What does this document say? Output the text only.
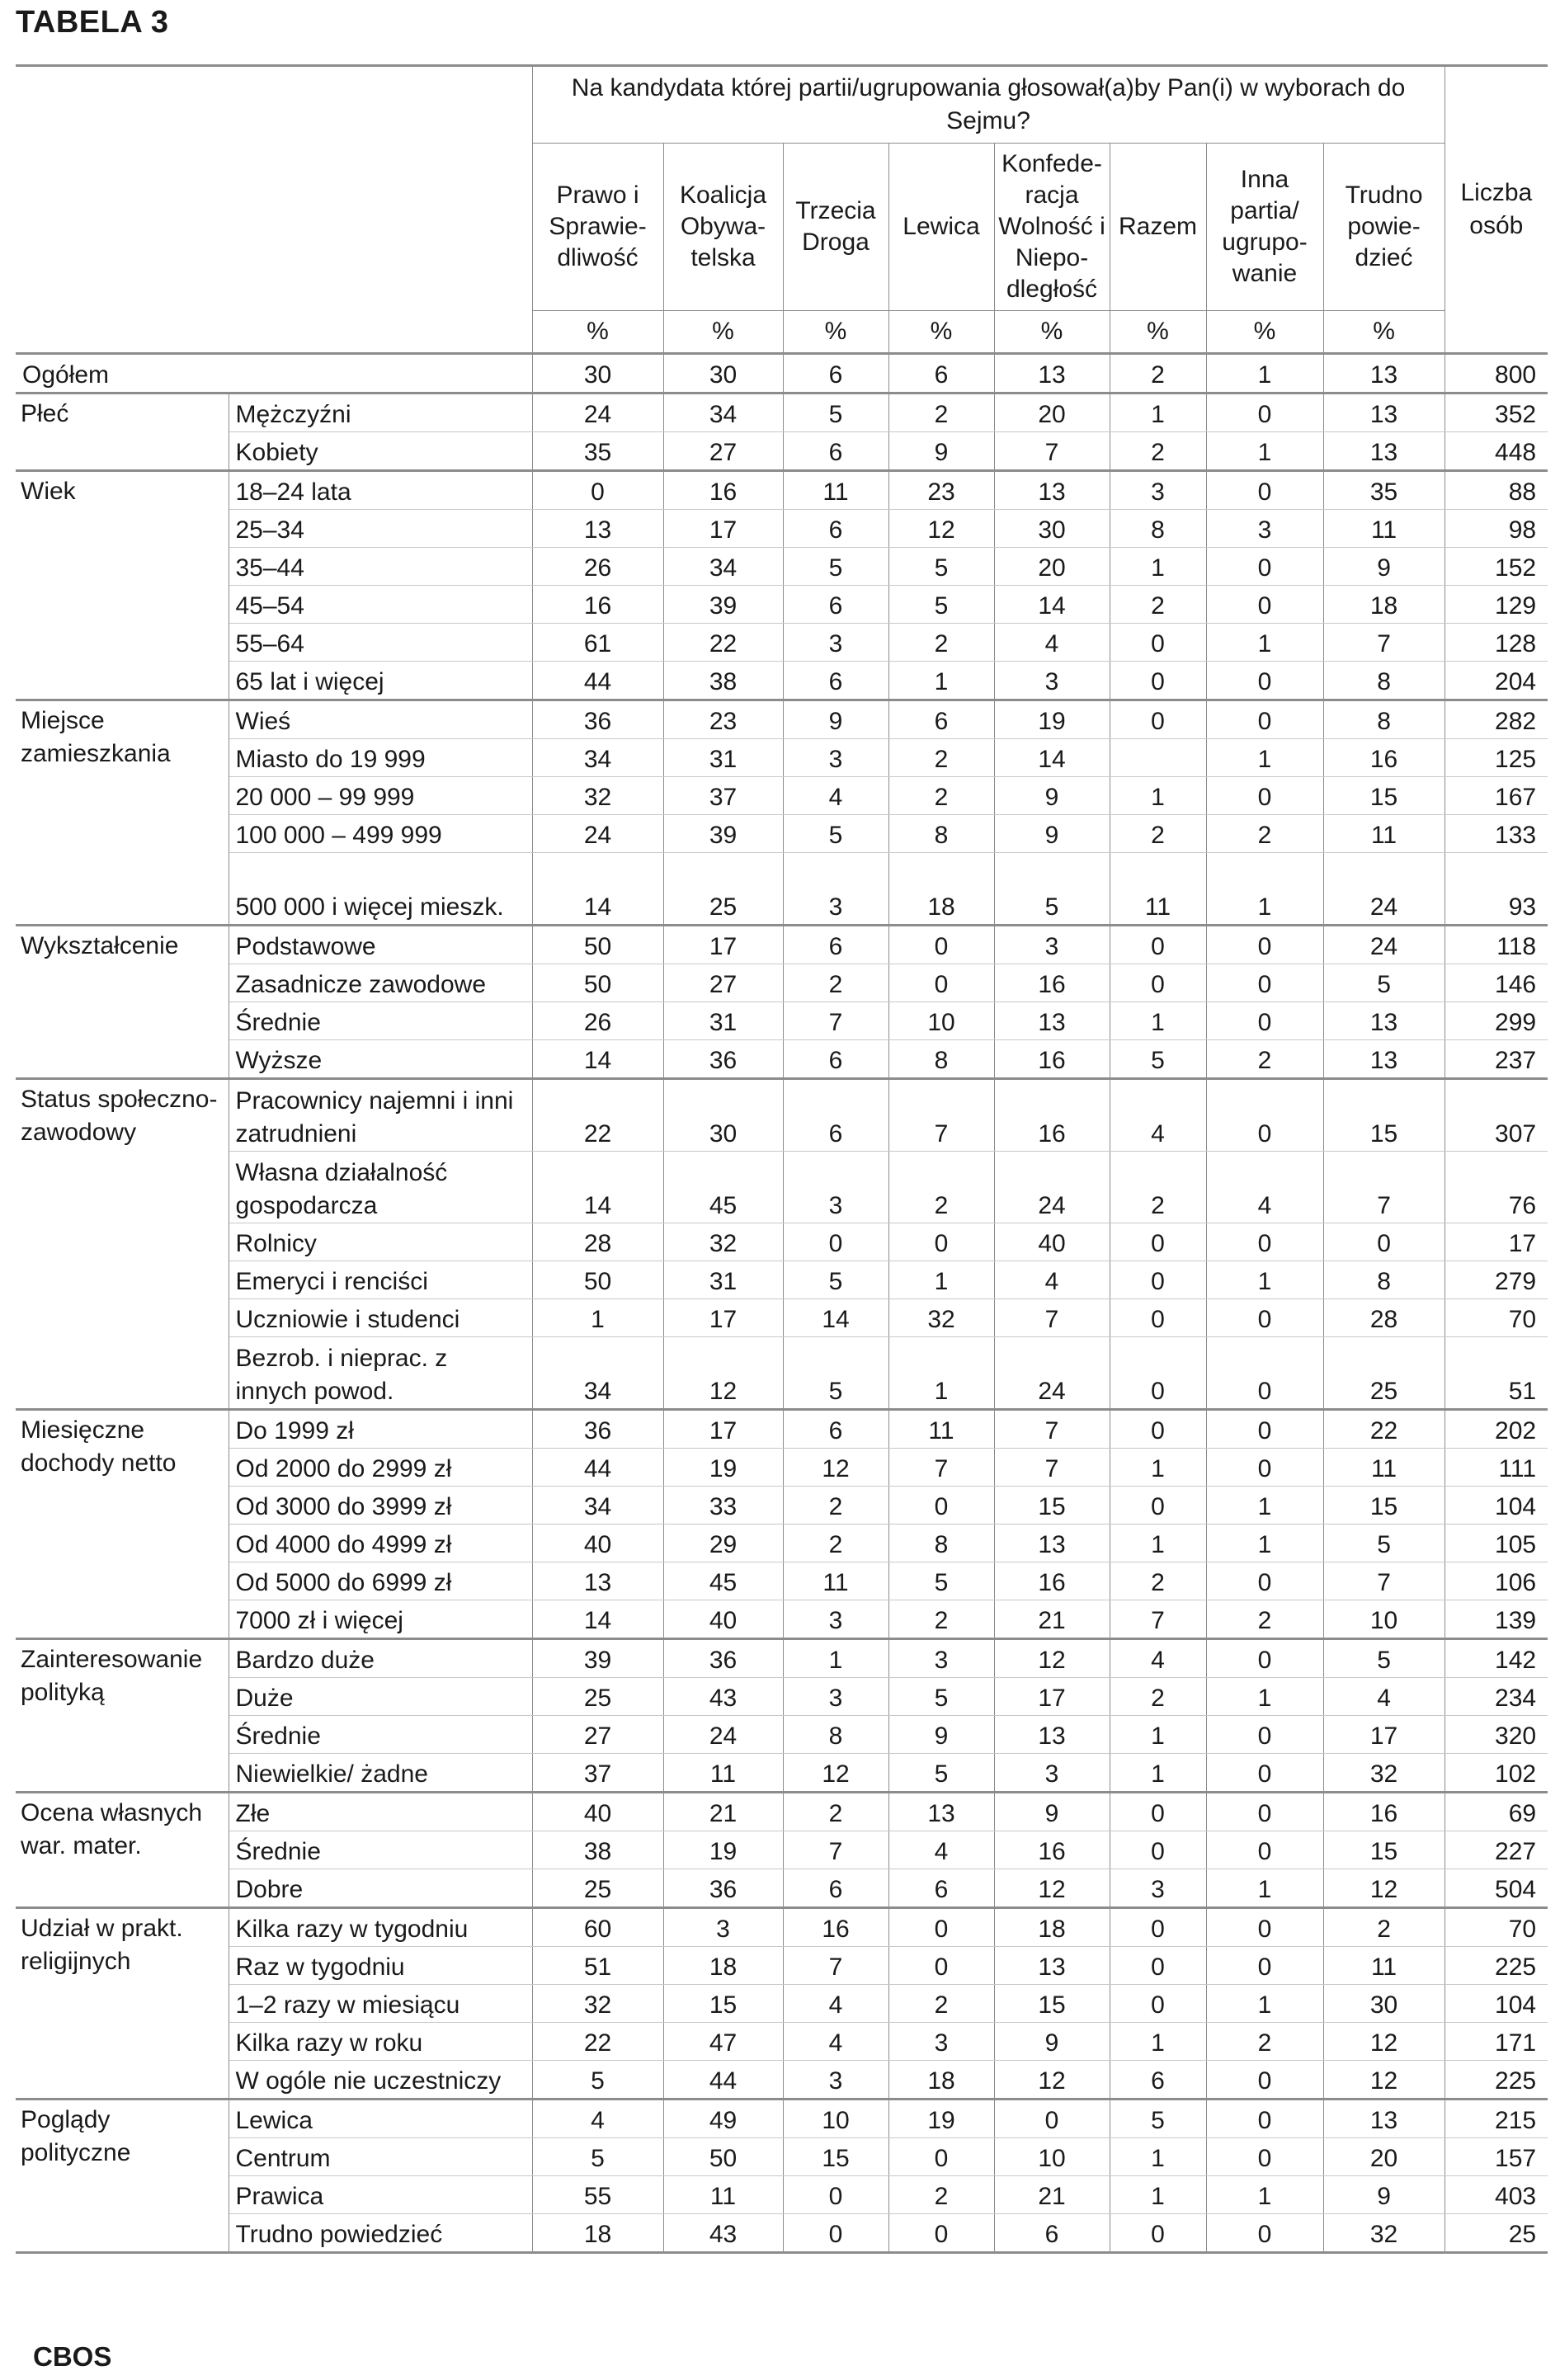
TABELA 3
		Na kandydata której partii/ugrupowania głosował(a)by Pan(i) w wyborach do Sejmu?								Liczba osób
		Prawo i Sprawie-dliwość	Koalicja Obywa-telska	Trzecia Droga	Lewica	Konfede-racja Wolność i Niepo-dległość	Razem	Inna partia/ ugrupo-wanie	Trudno powie-dzieć	
		%	%	%	%	%	%	%	%	
Ogółem		30	30	6	6	13	2	1	13	800
Płeć	Mężczyźni	24	34	5	2	20	1	0	13	352
	Kobiety	35	27	6	9	7	2	1	13	448
Wiek	18–24 lata	0	16	11	23	13	3	0	35	88
	25–34	13	17	6	12	30	8	3	11	98
	35–44	26	34	5	5	20	1	0	9	152
	45–54	16	39	6	5	14	2	0	18	129
	55–64	61	22	3	2	4	0	1	7	128
	65 lat i więcej	44	38	6	1	3	0	0	8	204
Miejsce zamieszkania	Wieś	36	23	9	6	19	0	0	8	282
	Miasto do 19 999	34	31	3	2	14		1	16	125
	20 000 – 99 999	32	37	4	2	9	1	0	15	167
	100 000 – 499 999	24	39	5	8	9	2	2	11	133
	500 000 i więcej mieszk.	14	25	3	18	5	11	1	24	93
Wykształcenie	Podstawowe	50	17	6	0	3	0	0	24	118
	Zasadnicze zawodowe	50	27	2	0	16	0	0	5	146
	Średnie	26	31	7	10	13	1	0	13	299
	Wyższe	14	36	6	8	16	5	2	13	237
Status społeczno-zawodowy	Pracownicy najemni i inni zatrudnieni	22	30	6	7	16	4	0	15	307
	Własna działalność gospodarcza	14	45	3	2	24	2	4	7	76
	Rolnicy	28	32	0	0	40	0	0	0	17
	Emeryci i renciści	50	31	5	1	4	0	1	8	279
	Uczniowie i studenci	1	17	14	32	7	0	0	28	70
	Bezrob. i nieprac. z innych powod.	34	12	5	1	24	0	0	25	51
Miesięczne dochody netto	Do 1999 zł	36	17	6	11	7	0	0	22	202
	Od 2000 do 2999 zł	44	19	12	7	7	1	0	11	111
	Od 3000 do 3999 zł	34	33	2	0	15	0	1	15	104
	Od 4000 do 4999 zł	40	29	2	8	13	1	1	5	105
	Od 5000 do 6999 zł	13	45	11	5	16	2	0	7	106
	7000 zł i więcej	14	40	3	2	21	7	2	10	139
Zainteresowanie polityką	Bardzo duże	39	36	1	3	12	4	0	5	142
	Duże	25	43	3	5	17	2	1	4	234
	Średnie	27	24	8	9	13	1	0	17	320
	Niewielkie/ żadne	37	11	12	5	3	1	0	32	102
Ocena własnych war. mater.	Złe	40	21	2	13	9	0	0	16	69
	Średnie	38	19	7	4	16	0	0	15	227
	Dobre	25	36	6	6	12	3	1	12	504
Udział w prakt. religijnych	Kilka razy w tygodniu	60	3	16	0	18	0	0	2	70
	Raz w tygodniu	51	18	7	0	13	0	0	11	225
	1–2 razy w miesiącu	32	15	4	2	15	0	1	30	104
	Kilka razy w roku	22	47	4	3	9	1	2	12	171
	W ogóle nie uczestniczy	5	44	3	18	12	6	0	12	225
Poglądy polityczne	Lewica	4	49	10	19	0	5	0	13	215
	Centrum	5	50	15	0	10	1	0	20	157
	Prawica	55	11	0	2	21	1	1	9	403
	Trudno powiedzieć	18	43	0	0	6	0	0	32	25
CBOS
